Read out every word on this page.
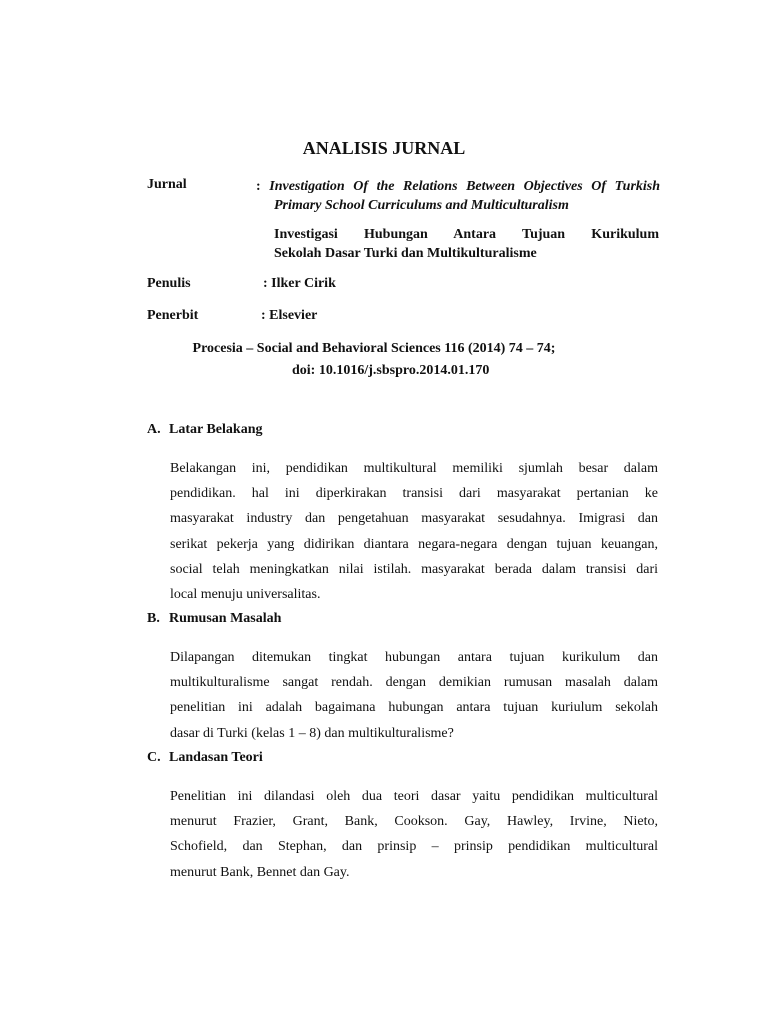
ANALISIS JURNAL
Jurnal	: Investigation Of the Relations Between Objectives Of Turkish
Primary School Curriculums and Multiculturalism
Investigasi Hubungan Antara Tujuan Kurikulum
Sekolah Dasar Turki dan Multikulturalisme
Penulis	: Ilker Cirik
Penerbit	: Elsevier
Procesia – Social and Behavioral Sciences 116 (2014) 74 – 74;
doi: 10.1016/j.sbspro.2014.01.170
A. Latar Belakang
Belakangan ini, pendidikan multikultural memiliki sjumlah besar dalam
pendidikan. hal ini diperkirakan transisi dari masyarakat pertanian ke
masyarakat industry dan pengetahuan masyarakat sesudahnya. Imigrasi dan
serikat pekerja yang didirikan diantara negara-negara dengan tujuan keuangan,
social telah meningkatkan nilai istilah. masyarakat berada dalam transisi dari
local menuju universalitas.
B. Rumusan Masalah
Dilapangan ditemukan tingkat hubungan antara tujuan kurikulum dan
multikulturalisme sangat rendah. dengan demikian rumusan masalah dalam
penelitian ini adalah bagaimana hubungan antara tujuan kuriulum sekolah
dasar di Turki (kelas 1 – 8) dan multikulturalisme?
C. Landasan Teori
Penelitian ini dilandasi oleh dua teori dasar yaitu pendidikan multicultural
menurut Frazier, Grant, Bank, Cookson. Gay, Hawley, Irvine, Nieto,
Schofield, dan Stephan, dan prinsip – prinsip pendidikan multicultural
menurut Bank, Bennet dan Gay.
